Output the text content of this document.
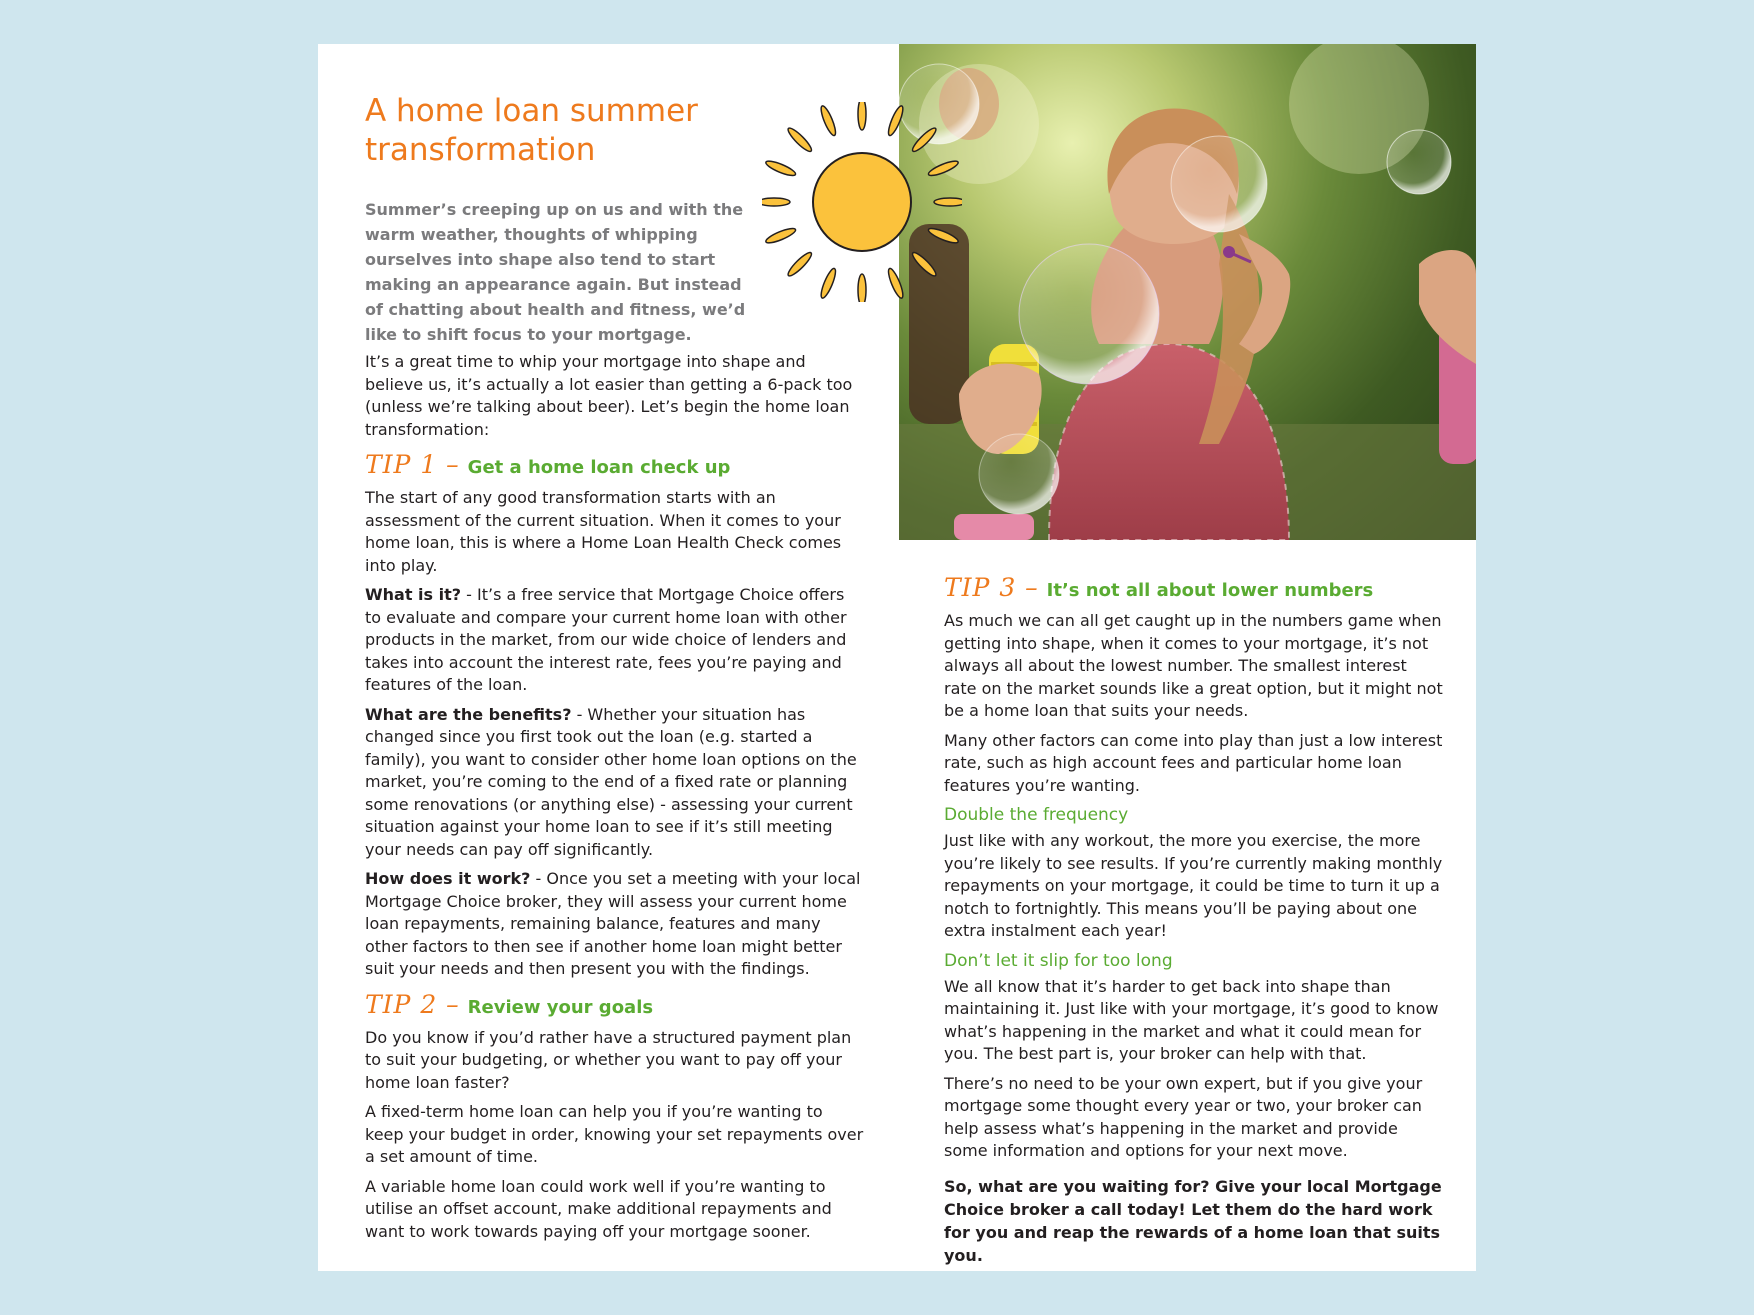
A home loan summer transformation

Summer’s creeping up on us and with the warm weather, thoughts of whipping ourselves into shape also tend to start making an appearance again. But instead of chatting about health and fitness, we’d like to shift focus to your mortgage.

It’s a great time to whip your mortgage into shape and believe us, it’s actually a lot easier than getting a 6-pack too (unless we’re talking about beer). Let’s begin the home loan transformation:

TIP 1 – Get a home loan check up

The start of any good transformation starts with an assessment of the current situation. When it comes to your home loan, this is where a Home Loan Health Check comes into play.

What is it? - It’s a free service that Mortgage Choice offers to evaluate and compare your current home loan with other products in the market, from our wide choice of lenders and takes into account the interest rate, fees you’re paying and features of the loan.

What are the benefits? - Whether your situation has changed since you first took out the loan (e.g. started a family), you want to consider other home loan options on the market, you’re coming to the end of a fixed rate or planning some renovations (or anything else) - assessing your current situation against your home loan to see if it’s still meeting your needs can pay off significantly.

How does it work? - Once you set a meeting with your local Mortgage Choice broker, they will assess your current home loan repayments, remaining balance, features and many other factors to then see if another home loan might better suit your needs and then present you with the findings.

TIP 2 – Review your goals

Do you know if you’d rather have a structured payment plan to suit your budgeting, or whether you want to pay off your home loan faster?

A fixed-term home loan can help you if you’re wanting to keep your budget in order, knowing your set repayments over a set amount of time.

A variable home loan could work well if you’re wanting to utilise an offset account, make additional repayments and want to work towards paying off your mortgage sooner.

TIP 3 – It’s not all about lower numbers

As much we can all get caught up in the numbers game when getting into shape, when it comes to your mortgage, it’s not always all about the lowest number. The smallest interest rate on the market sounds like a great option, but it might not be a home loan that suits your needs.

Many other factors can come into play than just a low interest rate, such as high account fees and particular home loan features you’re wanting.

Double the frequency

Just like with any workout, the more you exercise, the more you’re likely to see results. If you’re currently making monthly repayments on your mortgage, it could be time to turn it up a notch to fortnightly. This means you’ll be paying about one extra instalment each year!

Don’t let it slip for too long

We all know that it’s harder to get back into shape than maintaining it. Just like with your mortgage, it’s good to know what’s happening in the market and what it could mean for you. The best part is, your broker can help with that.

There’s no need to be your own expert, but if you give your mortgage some thought every year or two, your broker can help assess what’s happening in the market and provide some information and options for your next move.

So, what are you waiting for? Give your local Mortgage Choice broker a call today! Let them do the hard work for you and reap the rewards of a home loan that suits you.
